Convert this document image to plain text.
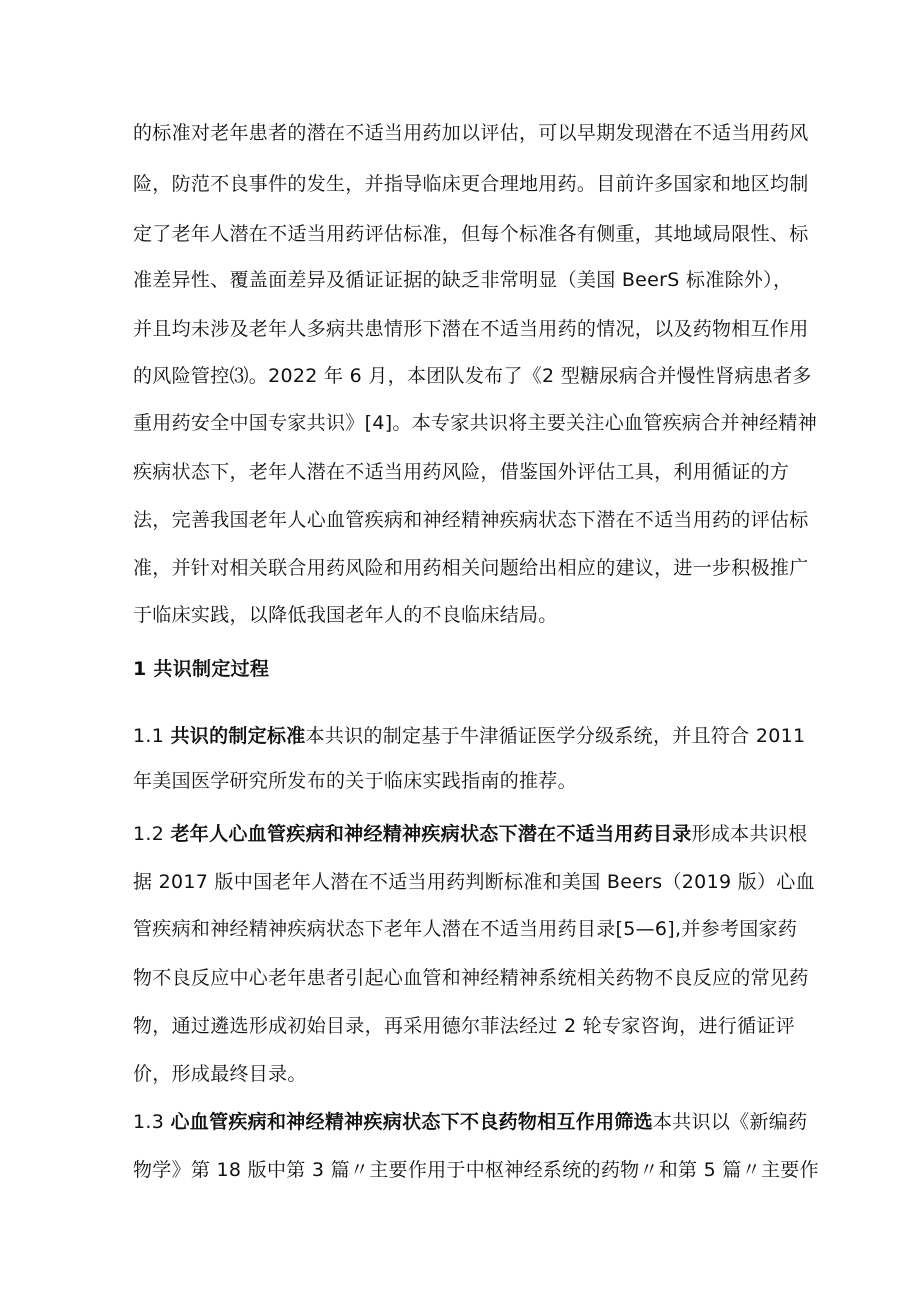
的标准对老年患者的潜在不适当用药加以评估，可以早期发现潜在不适当用药风
险，防范不良事件的发生，并指导临床更合理地用药。目前许多国家和地区均制
定了老年人潜在不适当用药评估标准，但每个标准各有侧重，其地域局限性、标
准差异性、覆盖面差异及循证证据的缺乏非常明显（美国 BeerS 标准除外），
并且均未涉及老年人多病共患情形下潜在不适当用药的情况，以及药物相互作用
的风险管控⑶。2022 年 6 月，本团队发布了《2 型糖尿病合并慢性肾病患者多
重用药安全中国专家共识》[4]。本专家共识将主要关注心血管疾病合并神经精神
疾病状态下，老年人潜在不适当用药风险，借鉴国外评估工具，利用循证的方
法，完善我国老年人心血管疾病和神经精神疾病状态下潜在不适当用药的评估标
准，并针对相关联合用药风险和用药相关问题给出相应的建议，进一步积极推广
于临床实践，以降低我国老年人的不良临床结局。
1 共识制定过程
1.1 共识的制定标准本共识的制定基于牛津循证医学分级系统，并且符合 2011
年美国医学研究所发布的关于临床实践指南的推荐。
1.2 老年人心血管疾病和神经精神疾病状态下潜在不适当用药目录形成本共识根
据 2017 版中国老年人潜在不适当用药判断标准和美国 Beers（2019 版）心血
管疾病和神经精神疾病状态下老年人潜在不适当用药目录[5—6],并参考国家药
物不良反应中心老年患者引起心血管和神经精神系统相关药物不良反应的常见药
物，通过遴选形成初始目录，再采用德尔菲法经过 2 轮专家咨询，进行循证评
价，形成最终目录。
1.3 心血管疾病和神经精神疾病状态下不良药物相互作用筛选本共识以《新编药
物学》第 18 版中第 3 篇〃主要作用于中枢神经系统的药物〃和第 5 篇〃主要作
